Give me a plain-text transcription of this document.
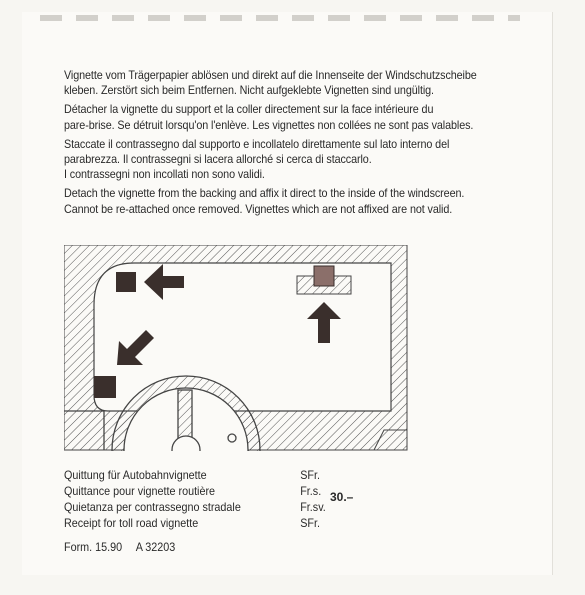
Vignette vom Trägerpapier ablösen und direkt auf die Innenseite der Windschutzscheibe
kleben. Zerstört sich beim Entfernen. Nicht aufgeklebte Vignetten sind ungültig.

Détacher la vignette du support et la coller directement sur la face intérieure du
pare-brise. Se détruit lorsqu'on l'enlève. Les vignettes non collées ne sont pas valables.

Staccate il contrassegno dal supporto e incollatelo direttamente sul lato interno del
parabrezza. Il contrassegni si lacera allorché si cerca di staccarlo.
I contrassegni non incollati non sono validi.

Detach the vignette from the backing and affix it direct to the inside of the windscreen.
Cannot be re-attached once removed. Vignettes which are not affixed are not valid.

Quittung für Autobahnvignette	SFr.
Quittance pour vignette routière	Fr.s.
Quietanza per contrassegno stradale	Fr.sv.
Receipt for toll road vignette	SFr.
30.–
Form. 15.90 A 32203
